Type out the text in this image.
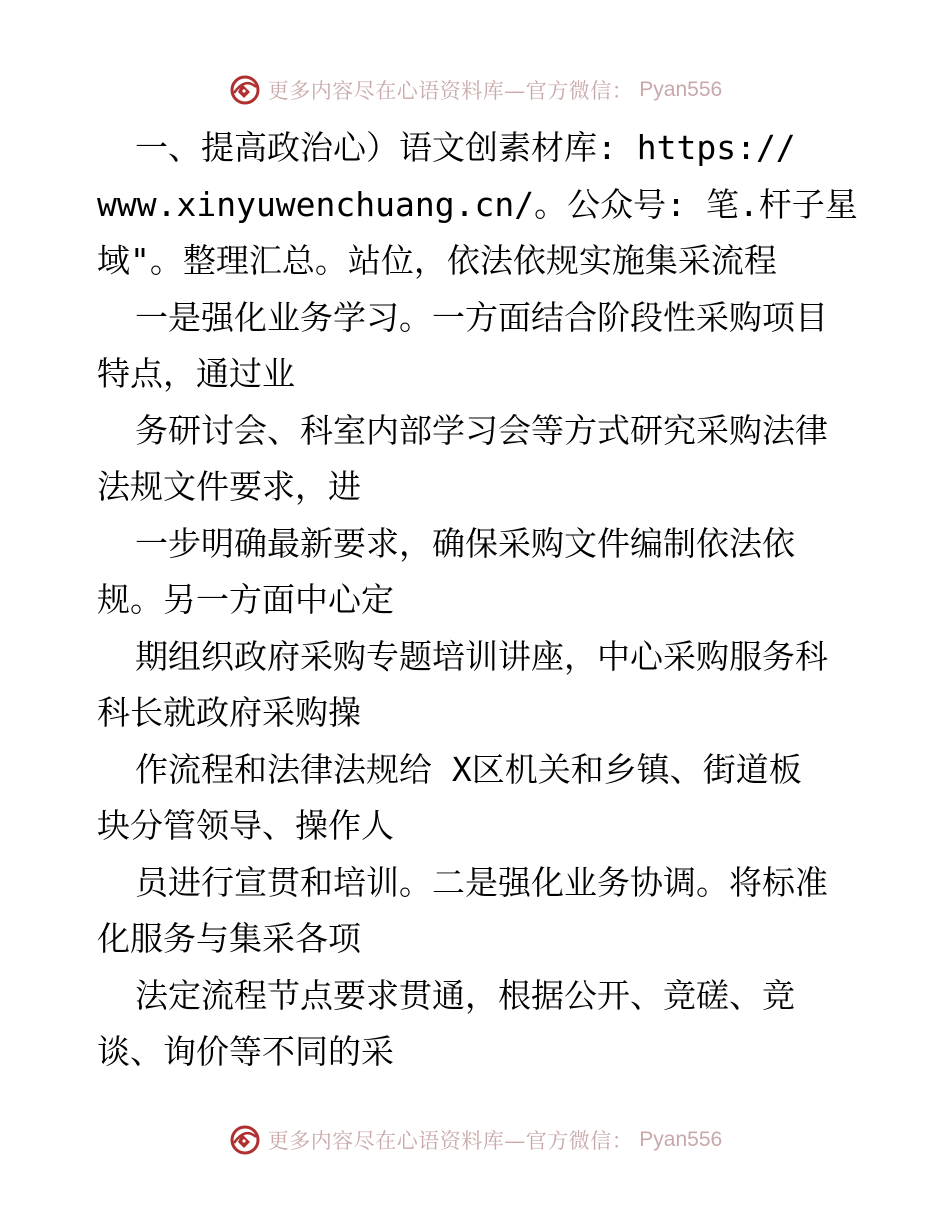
更多内容尽在心语资料库—官方微信： Pyan556
一、提高政治心）语文创素材库: https://
www.xinyuwenchuang.cn/。公众号: 笔.杆子星
域"。整理汇总。站位，依法依规实施集采流程
一是强化业务学习。一方面结合阶段性采购项目
特点，通过业
务研讨会、科室内部学习会等方式研究采购法律
法规文件要求，进
一步明确最新要求，确保采购文件编制依法依
规。另一方面中心定
期组织政府采购专题培训讲座，中心采购服务科
科长就政府采购操
作流程和法律法规给 X区机关和乡镇、街道板
块分管领导、操作人
员进行宣贯和培训。二是强化业务协调。将标准
化服务与集采各项
法定流程节点要求贯通，根据公开、竞磋、竞
谈、询价等不同的采
更多内容尽在心语资料库—官方微信： Pyan556
